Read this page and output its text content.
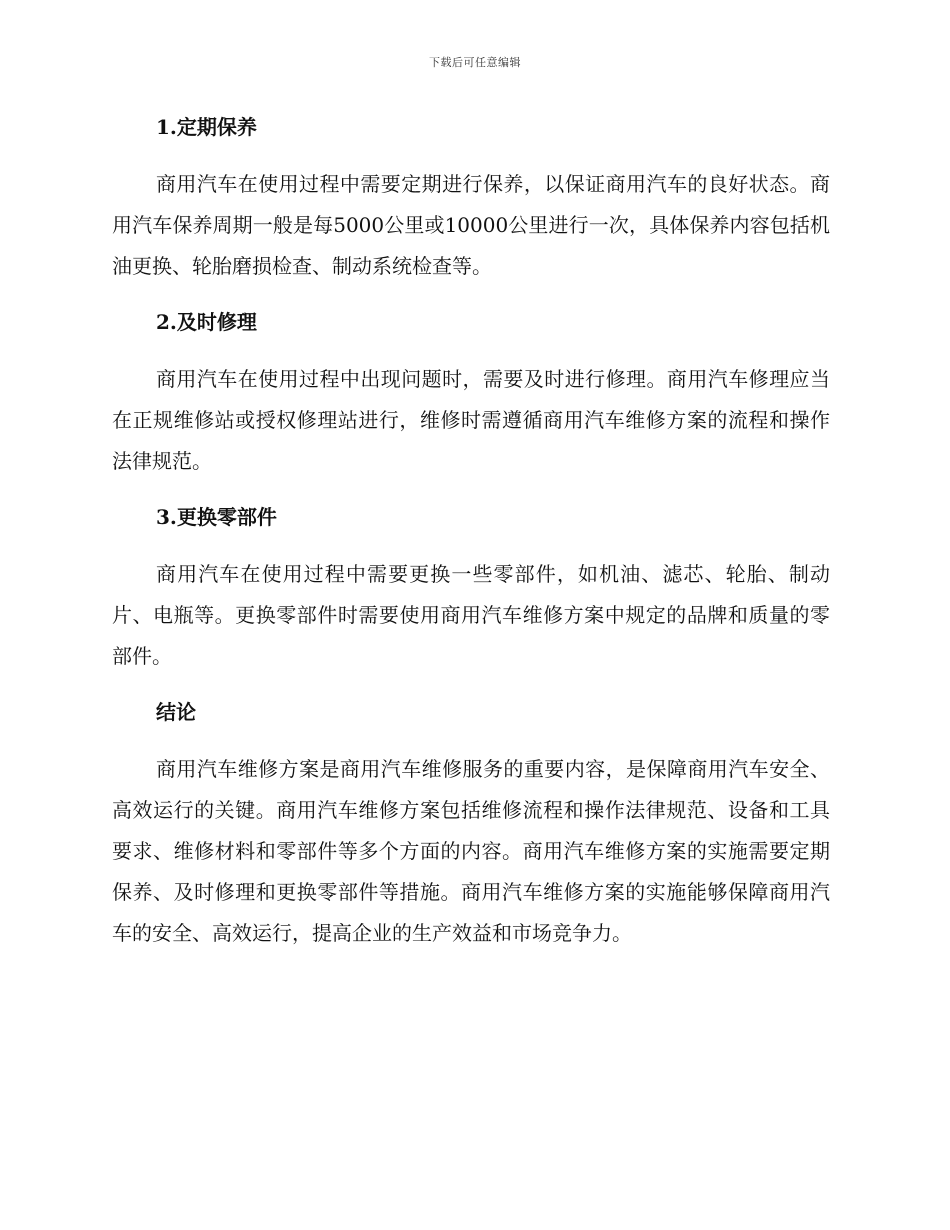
下载后可任意编辑
1.定期保养

商用汽车在使用过程中需要定期进行保养，以保证商用汽车的良好状态。商用汽车保养周期一般是每5000公里或10000公里进行一次，具体保养内容包括机油更换、轮胎磨损检查、制动系统检查等。

2.及时修理

商用汽车在使用过程中出现问题时，需要及时进行修理。商用汽车修理应当在正规维修站或授权修理站进行，维修时需遵循商用汽车维修方案的流程和操作法律规范。

3.更换零部件

商用汽车在使用过程中需要更换一些零部件，如机油、滤芯、轮胎、制动片、电瓶等。更换零部件时需要使用商用汽车维修方案中规定的品牌和质量的零部件。

结论

商用汽车维修方案是商用汽车维修服务的重要内容，是保障商用汽车安全、高效运行的关键。商用汽车维修方案包括维修流程和操作法律规范、设备和工具要求、维修材料和零部件等多个方面的内容。商用汽车维修方案的实施需要定期保养、及时修理和更换零部件等措施。商用汽车维修方案的实施能够保障商用汽车的安全、高效运行，提高企业的生产效益和市场竞争力。
